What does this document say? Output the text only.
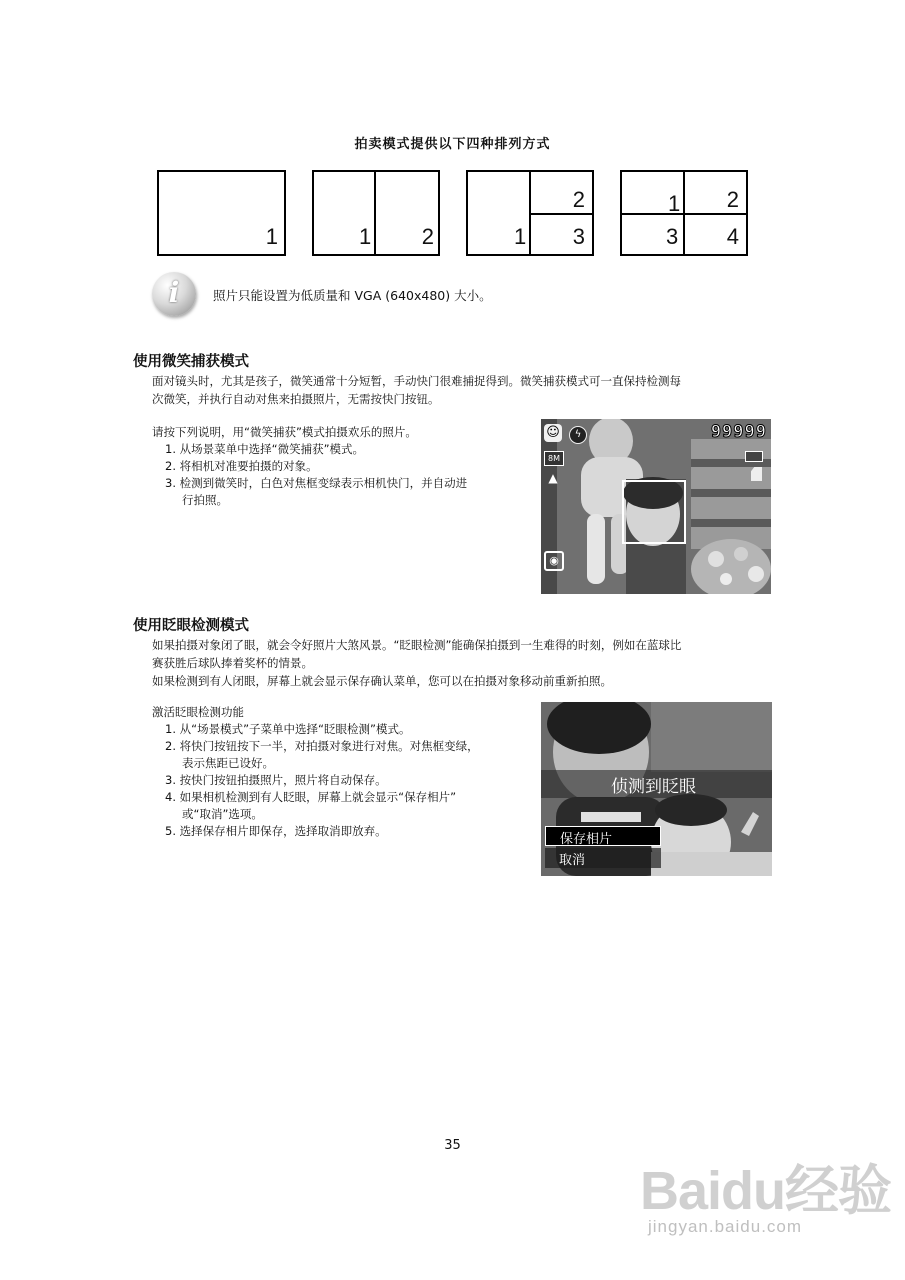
拍卖模式提供以下四种排列方式
1	1 2	1
2
3
1 2
3 4
i	照片只能设置为低质量和 VGA (640x480) 大小。
使用微笑捕获模式
面对镜头时，尤其是孩子，微笑通常十分短暂，手动快门很难捕捉得到。微笑捕获模式可一直保持检测每
次微笑，并执行自动对焦来拍摄照片，无需按快门按钮。
请按下列说明，用“微笑捕获”模式拍摄欢乐的照片。
1. 从场景菜单中选择“微笑捕获”模式。
2. 将相机对准要拍摄的对象。
3. 检测到微笑时，白色对焦框变绿表示相机快门，并自动进
行拍照。
☺	ϟ	99999
8M
▲
◉
使用眨眼检测模式
如果拍摄对象闭了眼，就会令好照片大煞风景。“眨眼检测”能确保拍摄到一生难得的时刻，例如在蓝球比
赛获胜后球队捧着奖杯的情景。
如果检测到有人闭眼，屏幕上就会显示保存确认菜单，您可以在拍摄对象移动前重新拍照。
激活眨眼检测功能
1. 从“场景模式”子菜单中选择“眨眼检测”模式。
2. 将快门按钮按下一半，对拍摄对象进行对焦。对焦框变绿，
表示焦距已设好。
3. 按快门按钮拍摄照片，照片将自动保存。
4. 如果相机检测到有人眨眼，屏幕上就会显示“保存相片”
或“取消”选项。
5. 选择保存相片即保存，选择取消即放弃。
侦测到眨眼
保存相片
取消
35
Baidu经验
jingyan.baidu.com
